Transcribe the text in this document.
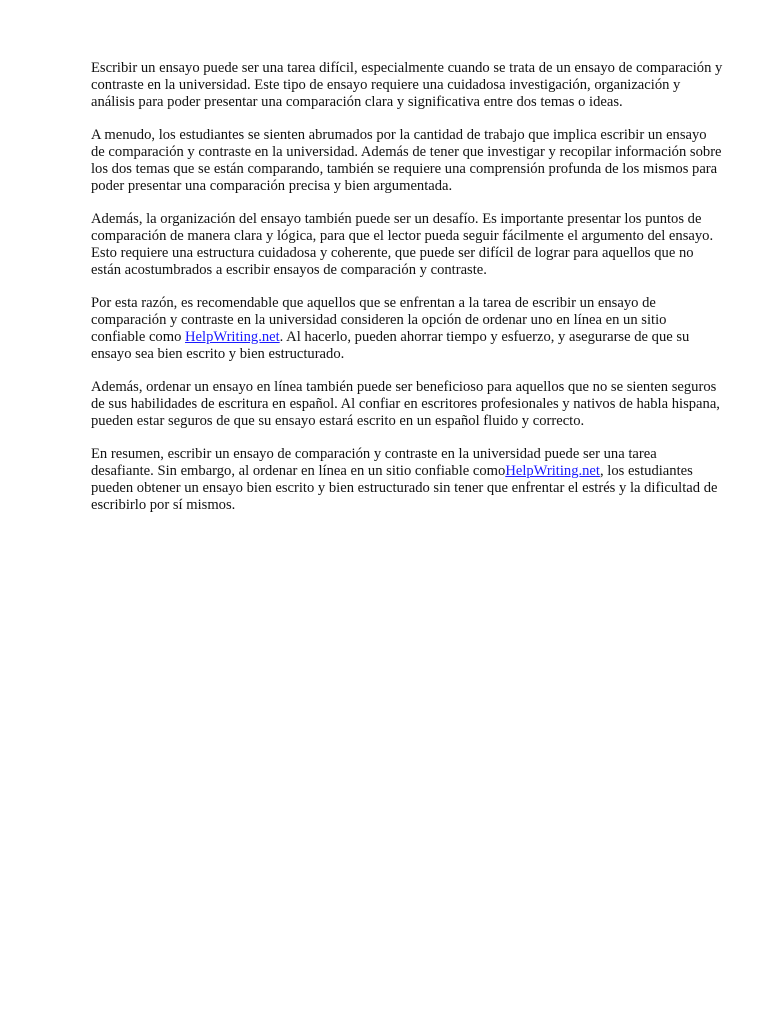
Escribir un ensayo puede ser una tarea difícil, especialmente cuando se trata de un ensayo de comparación y contraste en la universidad. Este tipo de ensayo requiere una cuidadosa investigación, organización y análisis para poder presentar una comparación clara y significativa entre dos temas o ideas.

A menudo, los estudiantes se sienten abrumados por la cantidad de trabajo que implica escribir un ensayo de comparación y contraste en la universidad. Además de tener que investigar y recopilar información sobre los dos temas que se están comparando, también se requiere una comprensión profunda de los mismos para poder presentar una comparación precisa y bien argumentada.

Además, la organización del ensayo también puede ser un desafío. Es importante presentar los puntos de comparación de manera clara y lógica, para que el lector pueda seguir fácilmente el argumento del ensayo. Esto requiere una estructura cuidadosa y coherente, que puede ser difícil de lograr para aquellos que no están acostumbrados a escribir ensayos de comparación y contraste.

Por esta razón, es recomendable que aquellos que se enfrentan a la tarea de escribir un ensayo de comparación y contraste en la universidad consideren la opción de ordenar uno en línea en un sitio confiable como HelpWriting.net. Al hacerlo, pueden ahorrar tiempo y esfuerzo, y asegurarse de que su ensayo sea bien escrito y bien estructurado.

Además, ordenar un ensayo en línea también puede ser beneficioso para aquellos que no se sienten seguros de sus habilidades de escritura en español. Al confiar en escritores profesionales y nativos de habla hispana, pueden estar seguros de que su ensayo estará escrito en un español fluido y correcto.

En resumen, escribir un ensayo de comparación y contraste en la universidad puede ser una tarea desafiante. Sin embargo, al ordenar en línea en un sitio confiable comoHelpWriting.net, los estudiantes pueden obtener un ensayo bien escrito y bien estructurado sin tener que enfrentar el estrés y la dificultad de escribirlo por sí mismos.
